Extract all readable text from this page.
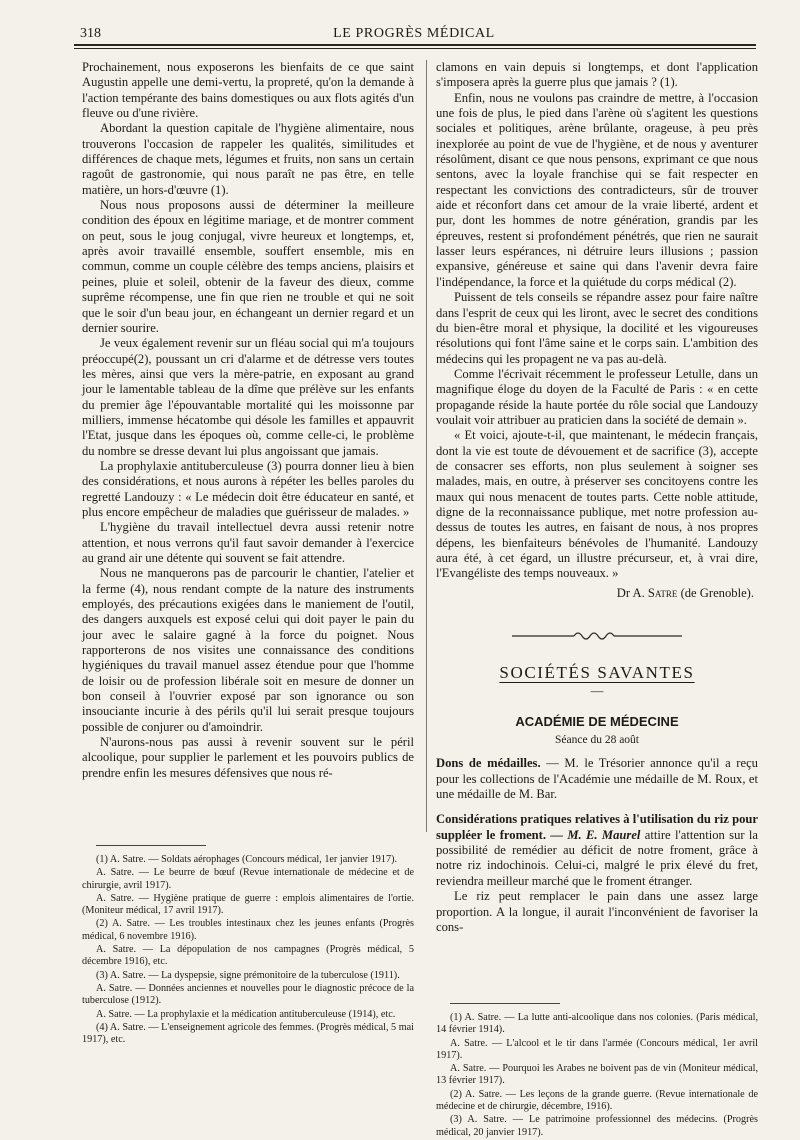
318	LE PROGRÈS MÉDICAL

Prochainement, nous exposerons les bienfaits de ce que saint Augustin appelle une demi-vertu, la propreté, qu'on la demande à l'action tempérante des bains domestiques ou aux flots agités d'un fleuve ou d'une rivière.

Abordant la question capitale de l'hygiène alimentaire, nous trouverons l'occasion de rappeler les qualités, similitudes et différences de chaque mets, légumes et fruits, non sans un certain ragoût de gastronomie, qui nous paraît ne pas être, en telle matière, un hors-d'œuvre (1).

Nous nous proposons aussi de déterminer la meilleure condition des époux en légitime mariage, et de montrer comment on peut, sous le joug conjugal, vivre heureux et longtemps, et, après avoir travaillé ensemble, souffert ensemble, mis en commun, comme un couple célèbre des temps anciens, plaisirs et peines, pluie et soleil, obtenir de la faveur des dieux, comme suprême récompense, une fin que rien ne trouble et qui ne soit que le soir d'un beau jour, en échangeant un dernier regard et un dernier sourire.

Je veux également revenir sur un fléau social qui m'a toujours préoccupé(2), poussant un cri d'alarme et de détresse vers toutes les mères, ainsi que vers la mère-patrie, en exposant au grand jour le lamentable tableau de la dîme que prélève sur les enfants du premier âge l'épouvantable mortalité qui les moissonne par milliers, immense hécatombe qui désole les familles et appauvrit l'Etat, jusque dans les époques où, comme celle-ci, le problème du nombre se dresse devant lui plus angoissant que jamais.

La prophylaxie antituberculeuse (3) pourra donner lieu à bien des considérations, et nous aurons à répéter les belles paroles du regretté Landouzy : « Le médecin doit être éducateur en santé, et plus encore empêcheur de maladies que guérisseur de malades. »

L'hygiène du travail intellectuel devra aussi retenir notre attention, et nous verrons qu'il faut savoir demander à l'exercice au grand air une détente qui souvent se fait attendre.

Nous ne manquerons pas de parcourir le chantier, l'atelier et la ferme (4), nous rendant compte de la nature des instruments employés, des précautions exigées dans le maniement de l'outil, des dangers auxquels est exposé celui qui doit payer le pain du jour avec le salaire gagné à la force du poignet. Nous rapporterons de nos visites une connaissance des conditions hygiéniques du travail manuel assez étendue pour que l'homme de loisir ou de profession libérale soit en mesure de donner un bon conseil à l'ouvrier exposé par son ignorance ou son insouciante incurie à des périls qu'il lui serait presque toujours possible de conjurer ou d'amoindrir.

N'aurons-nous pas aussi à revenir souvent sur le péril alcoolique, pour supplier le parlement et les pouvoirs publics de prendre enfin les mesures défensives que nous ré-

(1) A. Satre. — Soldats aérophages (Concours médical, 1er janvier 1917).

A. Satre. — Le beurre de bœuf (Revue internationale de médecine et de chirurgie, avril 1917).

A. Satre. — Hygiène pratique de guerre : emplois alimentaires de l'ortie. (Moniteur médical, 17 avril 1917).

(2) A. Satre. — Les troubles intestinaux chez les jeunes enfants (Progrès médical, 6 novembre 1916).

A. Satre. — La dépopulation de nos campagnes (Progrès médical, 5 décembre 1916), etc.

(3) A. Satre. — La dyspepsie, signe prémonitoire de la tuberculose (1911).

A. Satre. — Données anciennes et nouvelles pour le diagnostic précoce de la tuberculose (1912).

A. Satre. — La prophylaxie et la médication antituberculeuse (1914), etc.

(4) A. Satre. — L'enseignement agricole des femmes. (Progrès médical, 5 mai 1917), etc.

clamons en vain depuis si longtemps, et dont l'application s'imposera après la guerre plus que jamais ? (1).

Enfin, nous ne voulons pas craindre de mettre, à l'occasion une fois de plus, le pied dans l'arène où s'agitent les questions sociales et politiques, arène brûlante, orageuse, à peu près inexplorée au point de vue de l'hygiène, et de nous y aventurer résolûment, disant ce que nous pensons, exprimant ce que nous sentons, avec la loyale franchise qui se fait respecter en respectant les convictions des contradicteurs, sûr de trouver aide et réconfort dans cet amour de la vraie liberté, ardent et pur, dont les hommes de notre génération, grandis par les épreuves, restent si profondément pénétrés, que rien ne saurait lasser leurs espérances, ni détruire leurs illusions ; passion expansive, généreuse et saine qui dans l'avenir devra faire l'indépendance, la force et la quiétude du corps médical (2).

Puissent de tels conseils se répandre assez pour faire naître dans l'esprit de ceux qui les liront, avec le secret des conditions du bien-être moral et physique, la docilité et les vigoureuses résolutions qui font l'âme saine et le corps sain. L'ambition des médecins qui les propagent ne va pas au-delà.

Comme l'écrivait récemment le professeur Letulle, dans un magnifique éloge du doyen de la Faculté de Paris : « en cette propagande réside la haute portée du rôle social que Landouzy voulait voir attribuer au praticien dans la société de demain ».

« Et voici, ajoute-t-il, que maintenant, le médecin français, dont la vie est toute de dévouement et de sacrifice (3), accepte de consacrer ses efforts, non plus seulement à soigner ses malades, mais, en outre, à préserver ses concitoyens contre les maux qui nous menacent de toutes parts. Cette noble attitude, digne de la reconnaissance publique, met notre profession au-dessus de toutes les autres, en faisant de nous, à nos propres dépens, les bienfaiteurs bénévoles de l'humanité. Landouzy aura été, à cet égard, un illustre précurseur, et, à vrai dire, l'Evangéliste des temps nouveaux. »

Dr A. Satre (de Grenoble).
SOCIÉTÉS SAVANTES
—
ACADÉMIE DE MÉDECINE
Séance du 28 août

Dons de médailles. — M. le Trésorier annonce qu'il a reçu pour les collections de l'Académie une médaille de M. Roux, et une médaille de M. Bar.

Considérations pratiques relatives à l'utilisation du riz pour suppléer le froment. — M. E. Maurel attire l'attention sur la possibilité de remédier au déficit de notre froment, grâce à notre riz indochinois. Celui-ci, malgré le prix élevé du fret, reviendra meilleur marché que le froment étranger.

Le riz peut remplacer le pain dans une assez large proportion. A la longue, il aurait l'inconvénient de favoriser la cons-

(1) A. Satre. — La lutte anti-alcoolique dans nos colonies. (Paris médical, 14 février 1914).

A. Satre. — L'alcool et le tir dans l'armée (Concours médical, 1er avril 1917).

A. Satre. — Pourquoi les Arabes ne boivent pas de vin (Moniteur médical, 13 février 1917).

(2) A. Satre. — Les leçons de la grande guerre. (Revue internationale de médecine et de chirurgie, décembre, 1916).

(3) A. Satre. — Le patrimoine professionnel des médecins. (Progrès médical, 20 janvier 1917).
